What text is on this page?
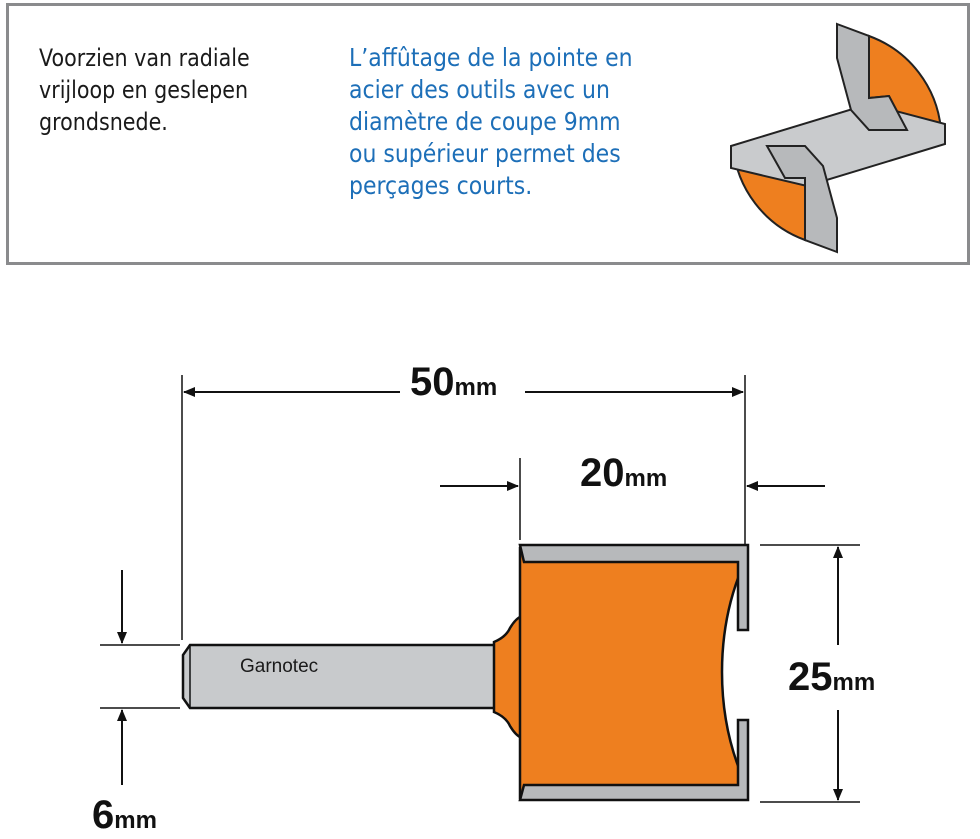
Voorzien van radiale
vrijloop en geslepen
grondsnede.
L’affûtage de la pointe en
acier des outils avec un
diamètre de coupe 9mm
ou supérieur permet des
perçages courts.
50mm
20mm
25mm
6mm
Garnotec
